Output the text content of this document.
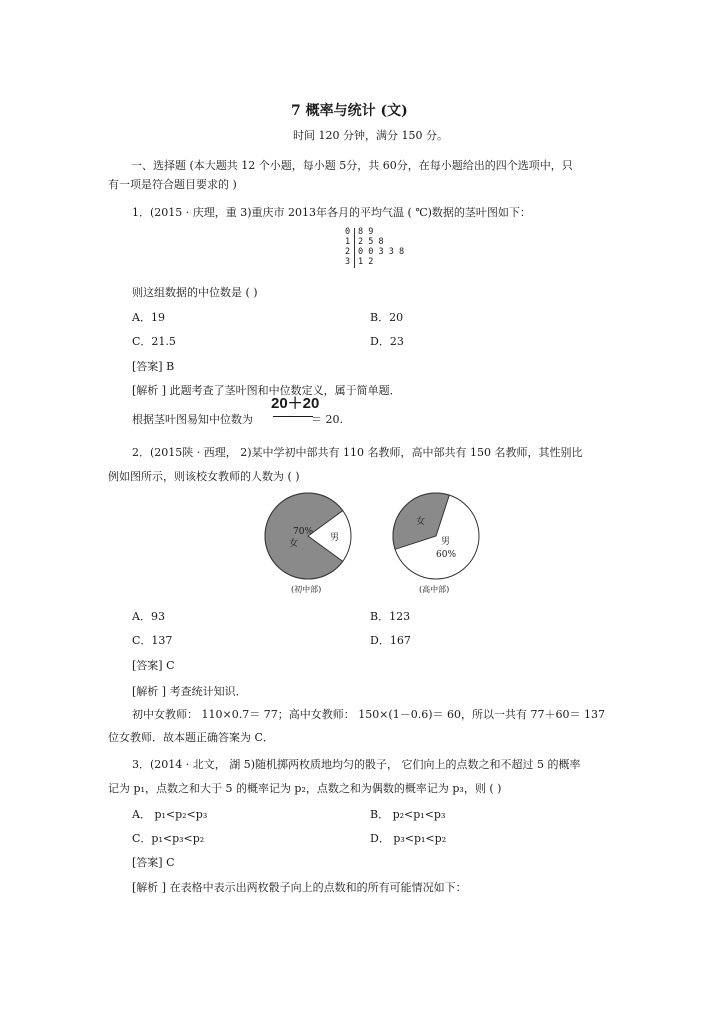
7 概率与统计 (文)
时间 120 分钟，满分 150 分。
一、选择题 (本大题共 12 个小题，每小题 5分，共 60分，在每小题给出的四个选项中，只
有一项是符合题目要求的 )
1．(2015 · 庆理，重 3)重庆市 2013年各月的平均气温 ( ℃)数据的茎叶图如下：
0 8 9
1 2 5 8
2 0 0 3 3 8
3 1 2
则这组数据的中位数是 ( )
A．19	B．20
C．21.5	D．23
[答案] B
[解析 ] 此题考查了茎叶图和中位数定义，属于简单题．
20＋20
根据茎叶图易知中位数为	＝ 20.
2．(2015陕 · 西理， 2)某中学初中部共有 110 名教师，高中部共有 150 名教师，其性别比
例如图所示，则该校女教师的人数为 ( )
70%
女
男
(初中部)
女
男
60%
(高中部)
A．93	B．123
C．137	D．167
[答案] C
[解析 ] 考查统计知识．
初中女教师： 110×0.7＝ 77；高中女教师： 150×(1－0.6)＝ 60，所以一共有 77＋60＝ 137
位女教师．故本题正确答案为 C．
3．(2014 · 北文， 湖 5)随机掷两枚质地均匀的骰子， 它们向上的点数之和不超过 5 的概率
记为 p₁，点数之和大于 5 的概率记为 p₂，点数之和为偶数的概率记为 p₃，则 ( )
A． p₁<p₂<p₃	B． p₂<p₁<p₃
C．p₁<p₃<p₂	D． p₃<p₁<p₂
[答案] C
[解析 ] 在表格中表示出两枚骰子向上的点数和的所有可能情况如下：
